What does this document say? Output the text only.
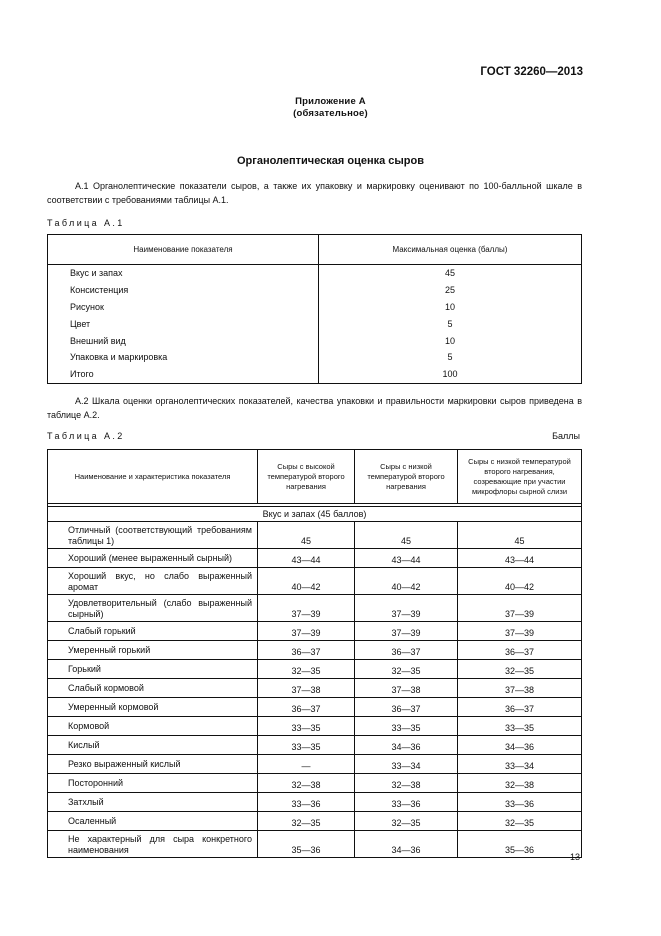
ГОСТ 32260—2013
Приложение А
(обязательное)
Органолептическая оценка сыров
А.1 Органолептические показатели сыров, а также их упаковку и маркировку оценивают по 100-балльной шкале в соответствии с требованиями таблицы А.1.
Таблица А.1
Наименование показателя	Максимальная оценка (баллы)
Вкус и запах	45
Консистенция	25
Рисунок	10
Цвет	5
Внешний вид	10
Упаковка и маркировка	5
Итого	100
А.2 Шкала оценки органолептических показателей, качества упаковки и правильности маркировки сыров приведена в таблице А.2.
Таблица А.2	Баллы
Наименование и характеристика показателя	Сыры с высокой температурой второго нагревания	Сыры с низкой температурой второго нагревания	Сыры с низкой температурой второго нагревания, созревающие при участии микрофлоры сырной слизи

Вкус и запах (45 баллов)			
Отличный (соответствующий требованиям таблицы 1)	45	45	45
Хороший (менее выраженный сырный)	43—44	43—44	43—44
Хороший вкус, но слабо выраженный аромат	40—42	40—42	40—42
Удовлетворительный (слабо выраженный сырный)	37—39	37—39	37—39
Слабый горький	37—39	37—39	37—39
Умеренный горький	36—37	36—37	36—37
Горький	32—35	32—35	32—35
Слабый кормовой	37—38	37—38	37—38
Умеренный кормовой	36—37	36—37	36—37
Кормовой	33—35	33—35	33—35
Кислый	33—35	34—36	34—36
Резко выраженный кислый	—	33—34	33—34
Посторонний	32—38	32—38	32—38
Затхлый	33—36	33—36	33—36
Осаленный	32—35	32—35	32—35
Не характерный для сыра конкретного наименования	35—36	34—36	35—36
13
